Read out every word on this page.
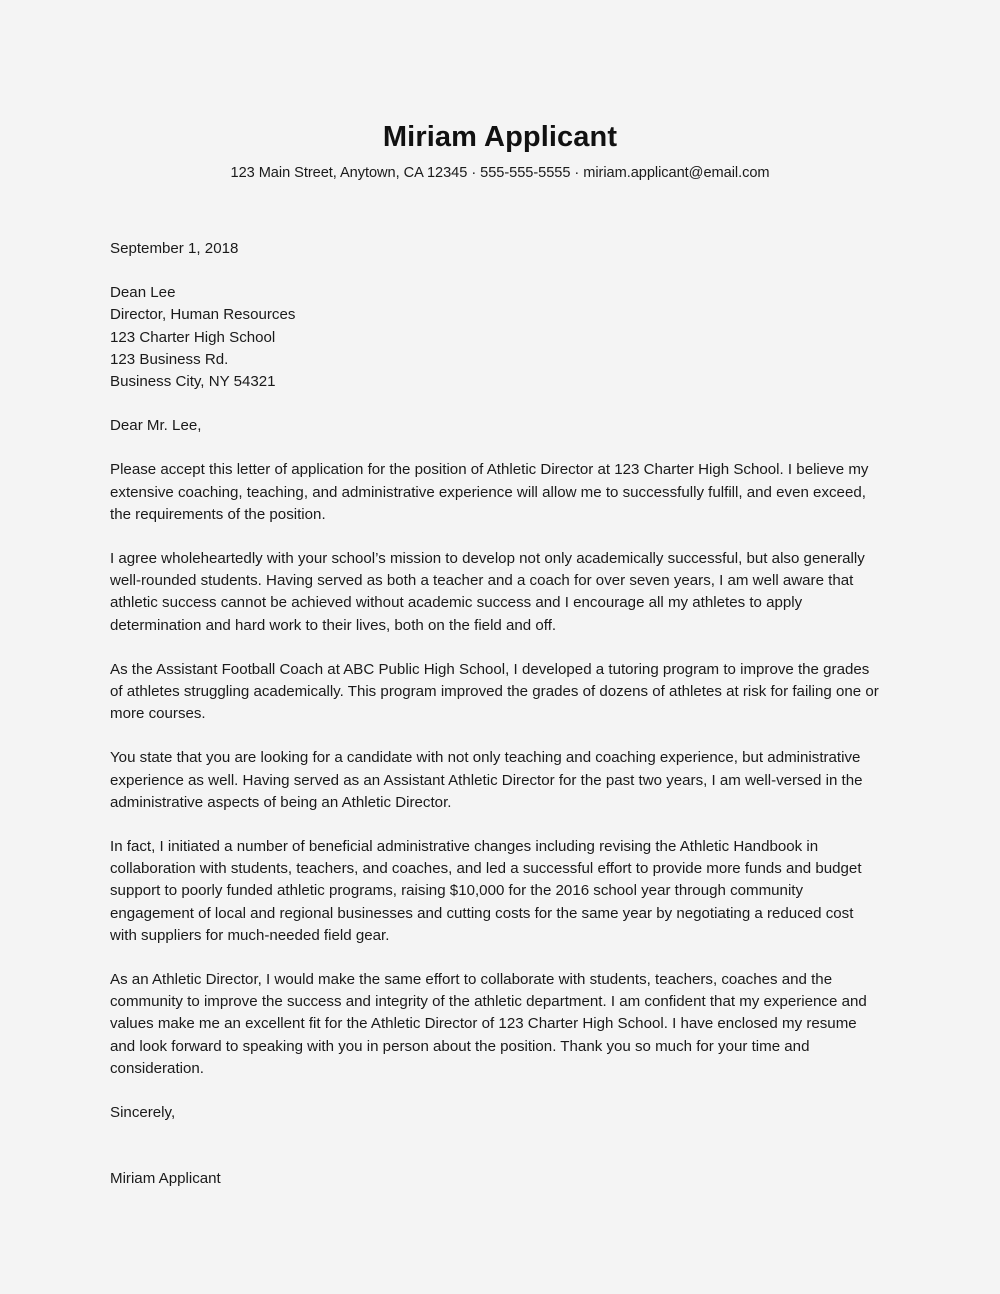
Miriam Applicant
123 Main Street, Anytown, CA 12345 · 555-555-5555 · miriam.applicant@email.com
September 1, 2018
Dean Lee
Director, Human Resources
123 Charter High School
123 Business Rd.
Business City, NY 54321
Dear Mr. Lee,

Please accept this letter of application for the position of Athletic Director at 123 Charter High School. I believe my extensive coaching, teaching, and administrative experience will allow me to successfully fulfill, and even exceed, the requirements of the position.

I agree wholeheartedly with your school’s mission to develop not only academically successful, but also generally well-rounded students. Having served as both a teacher and a coach for over seven years, I am well aware that athletic success cannot be achieved without academic success and I encourage all my athletes to apply determination and hard work to their lives, both on the field and off.

As the Assistant Football Coach at ABC Public High School, I developed a tutoring program to improve the grades of athletes struggling academically. This program improved the grades of dozens of athletes at risk for failing one or more courses.

You state that you are looking for a candidate with not only teaching and coaching experience, but administrative experience as well. Having served as an Assistant Athletic Director for the past two years, I am well-versed in the administrative aspects of being an Athletic Director.

In fact, I initiated a number of beneficial administrative changes including revising the Athletic Handbook in collaboration with students, teachers, and coaches, and led a successful effort to provide more funds and budget support to poorly funded athletic programs, raising $10,000 for the 2016 school year through community engagement of local and regional businesses and cutting costs for the same year by negotiating a reduced cost with suppliers for much-needed field gear.

As an Athletic Director, I would make the same effort to collaborate with students, teachers, coaches and the community to improve the success and integrity of the athletic department. I am confident that my experience and values make me an excellent fit for the Athletic Director of 123 Charter High School. I have enclosed my resume and look forward to speaking with you in person about the position. Thank you so much for your time and consideration.

Sincerely,
Miriam Applicant
